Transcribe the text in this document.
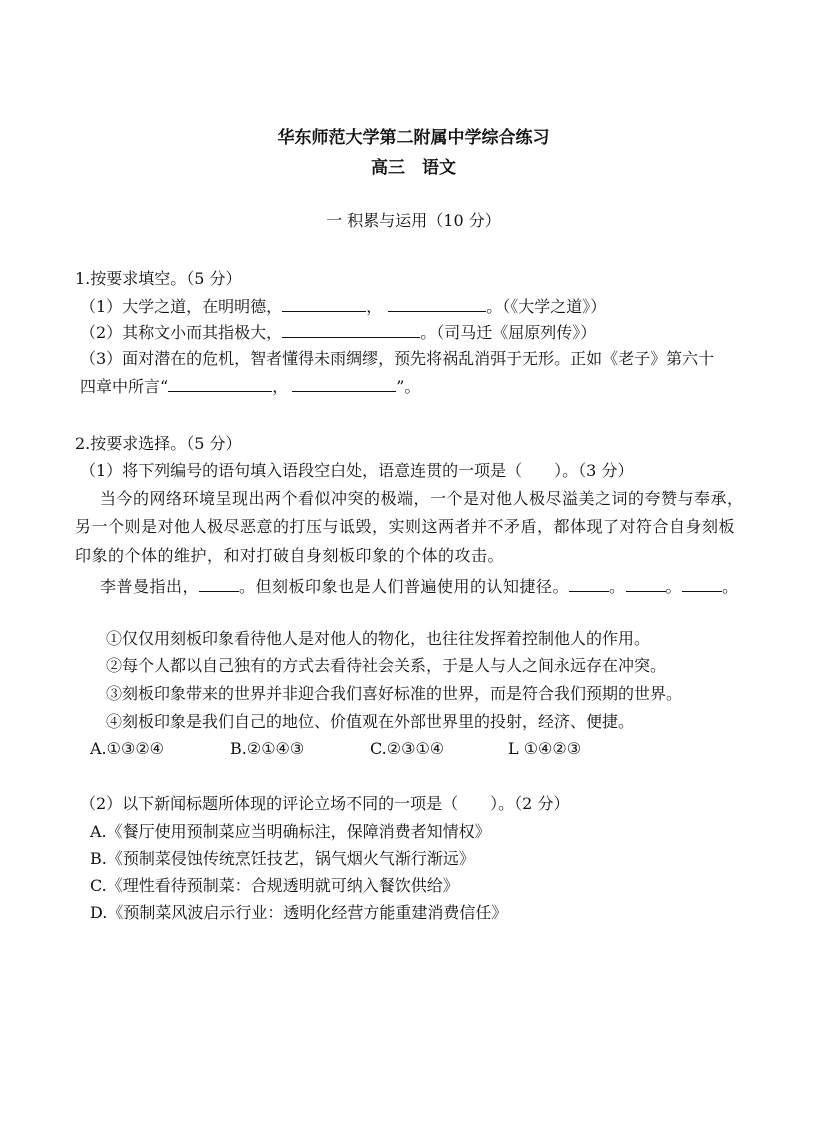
华东师范大学第二附属中学综合练习
高三　语文
一 积累与运用（10 分）
1.按要求填空。（5 分）
（1）大学之道，在明明德，	，	。（《大学之道》）
（2）其称文小而其指极大，	。（司马迁《屈原列传》）
（3）面对潜在的危机，智者懂得未雨绸缪，预先将祸乱消弭于无形。正如《老子》第六十
四章中所言“	，	”。
2.按要求选择。（5 分）
（1）将下列编号的语句填入语段空白处，语意连贯的一项是（　　）。（3 分）
当今的网络环境呈现出两个看似冲突的极端，一个是对他人极尽溢美之词的夸赞与奉承，
另一个则是对他人极尽恶意的打压与诋毁，实则这两者并不矛盾，都体现了对符合自身刻板
印象的个体的维护，和对打破自身刻板印象的个体的攻击。
李普曼指出，	。但刻板印象也是人们普遍使用的认知捷径。	。	。	。
①仅仅用刻板印象看待他人是对他人的物化，也往往发挥着控制他人的作用。
②每个人都以自己独有的方式去看待社会关系，于是人与人之间永远存在冲突。
③刻板印象带来的世界并非迎合我们喜好标准的世界，而是符合我们预期的世界。
④刻板印象是我们自己的地位、价值观在外部世界里的投射，经济、便捷。
A.①③②④	B.②①④③	C.②③①④	L ①④②③
（2）以下新闻标题所体现的评论立场不同的一项是（　　）。（2 分）
A.《餐厅使用预制菜应当明确标注，保障消费者知情权》
B.《预制菜侵蚀传统烹饪技艺，锅气烟火气渐行渐远》
C.《理性看待预制菜：合规透明就可纳入餐饮供给》
D.《预制菜风波启示行业：透明化经营方能重建消费信任》
